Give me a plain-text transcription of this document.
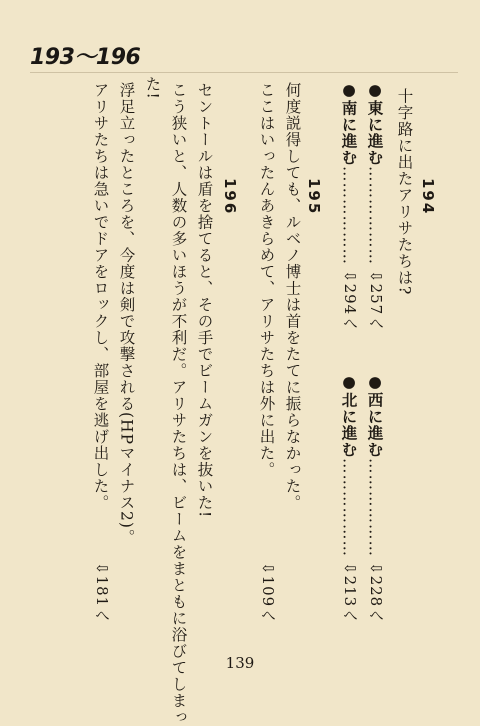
193〜196
194
十字路に出たアリサたちは?
●東に進む………………
⇩257へ
●西に進む………………
⇩228へ
●南に進む………………
⇩294へ
●北に進む………………
⇩213へ
195
何度説得しても、ルベノ博士は首をたてに振らなかった。
ここはいったんあきらめて、アリサたちは外に出た。
⇩109へ
196
セントールは盾を捨てると、その手でビームガンを抜いた!
こう狭いと、人数の多いほうが不利だ。アリサたちは、ビームをまともに浴びてしまっ
た!
浮足立ったところを、今度は剣で攻撃される(HPマイナス2)。
アリサたちは急いでドアをロックし、部屋を逃げ出した。
⇩181へ
139
